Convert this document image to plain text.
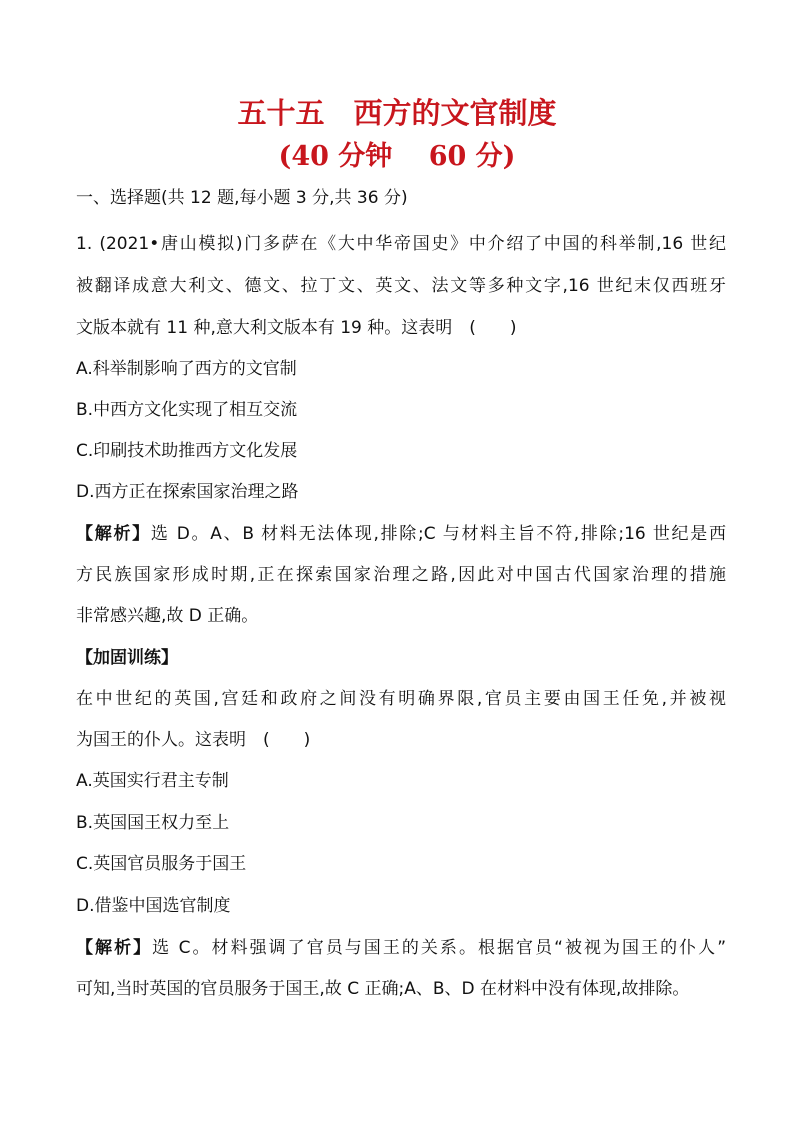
五十五　西方的文官制度
(40 分钟　 60 分)
一、选择题(共 12 题,每小题 3 分,共 36 分)
1. (2021•唐山模拟)门多萨在《大中华帝国史》中介绍了中国的科举制,16 世纪
被翻译成意大利文、德文、拉丁文、英文、法文等多种文字,16 世纪末仅西班牙
文版本就有 11 种,意大利文版本有 19 种。这表明　(　　)
A.科举制影响了西方的文官制
B.中西方文化实现了相互交流
C.印刷技术助推西方文化发展
D.西方正在探索国家治理之路
【解析】选 D。A、B 材料无法体现,排除;C 与材料主旨不符,排除;16 世纪是西
方民族国家形成时期,正在探索国家治理之路,因此对中国古代国家治理的措施
非常感兴趣,故 D 正确。
【加固训练】
在中世纪的英国,宫廷和政府之间没有明确界限,官员主要由国王任免,并被视
为国王的仆人。这表明　(　　)
A.英国实行君主专制
B.英国国王权力至上
C.英国官员服务于国王
D.借鉴中国选官制度
【解析】选 C。材料强调了官员与国王的关系。根据官员“被视为国王的仆人”
可知,当时英国的官员服务于国王,故 C 正确;A、B、D 在材料中没有体现,故排除。
